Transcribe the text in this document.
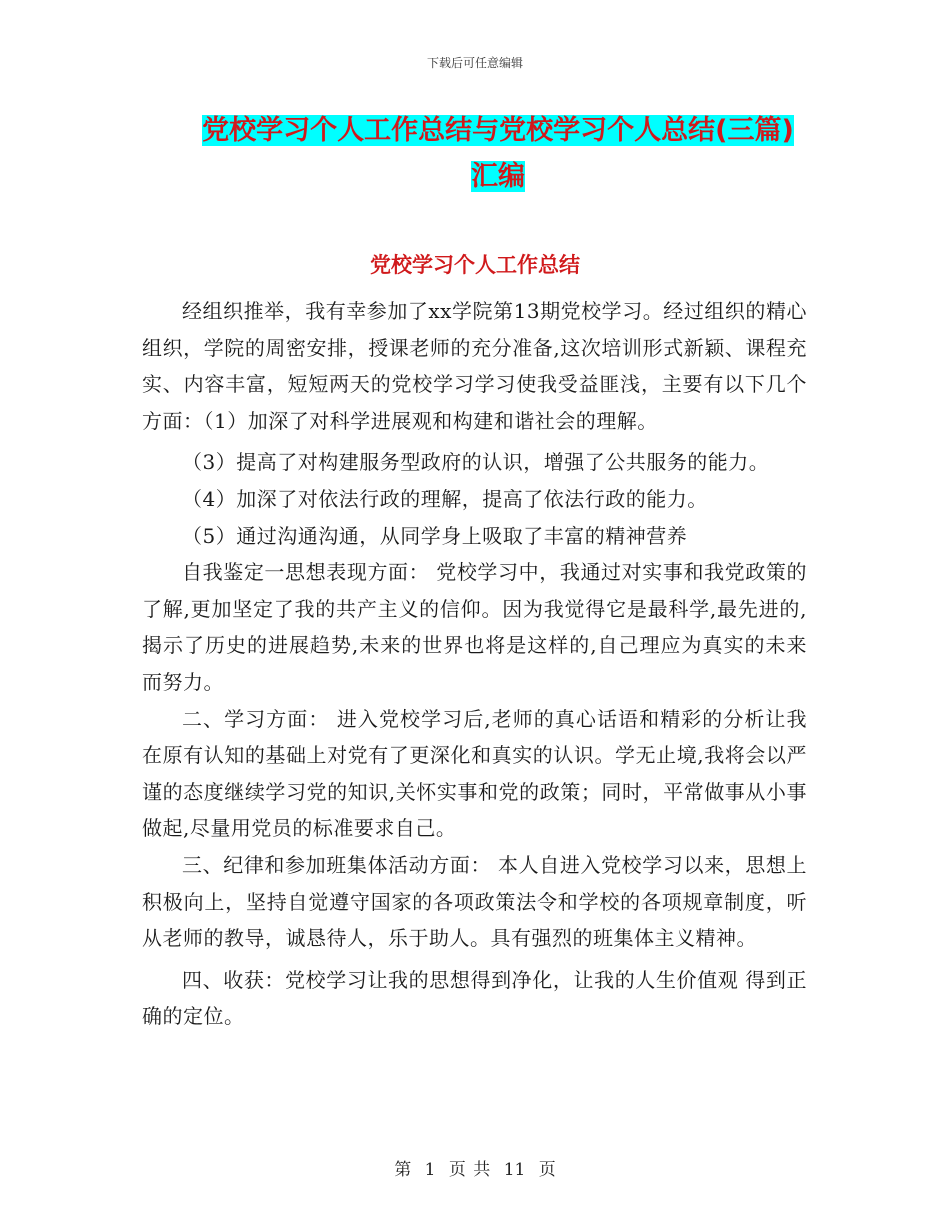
下载后可任意编辑
党校学习个人工作总结与党校学习个人总结(三篇)汇编
党校学习个人工作总结

经组织推举，我有幸参加了xx学院第13期党校学习。经过组织的精心组织，学院的周密安排，授课老师的充分准备,这次培训形式新颖、课程充实、内容丰富，短短两天的党校学习学习使我受益匪浅，主要有以下几个方面：（1）加深了对科学进展观和构建和谐社会的理解。

（3）提高了对构建服务型政府的认识，增强了公共服务的能力。

（4）加深了对依法行政的理解，提高了依法行政的能力。

（5）通过沟通沟通，从同学身上吸取了丰富的精神营养

自我鉴定一思想表现方面： 党校学习中，我通过对实事和我党政策的了解,更加坚定了我的共产主义的信仰。因为我觉得它是最科学,最先进的,揭示了历史的进展趋势,未来的世界也将是这样的,自己理应为真实的未来而努力。

二、学习方面： 进入党校学习后,老师的真心话语和精彩的分析让我在原有认知的基础上对党有了更深化和真实的认识。学无止境,我将会以严谨的态度继续学习党的知识,关怀实事和党的政策；同时，平常做事从小事做起,尽量用党员的标准要求自己。

三、纪律和参加班集体活动方面： 本人自进入党校学习以来，思想上积极向上，坚持自觉遵守国家的各项政策法令和学校的各项规章制度，听从老师的教导，诚恳待人，乐于助人。具有强烈的班集体主义精神。

四、收获：党校学习让我的思想得到净化，让我的人生价值观 得到正确的定位。

第 1 页 共 11 页
